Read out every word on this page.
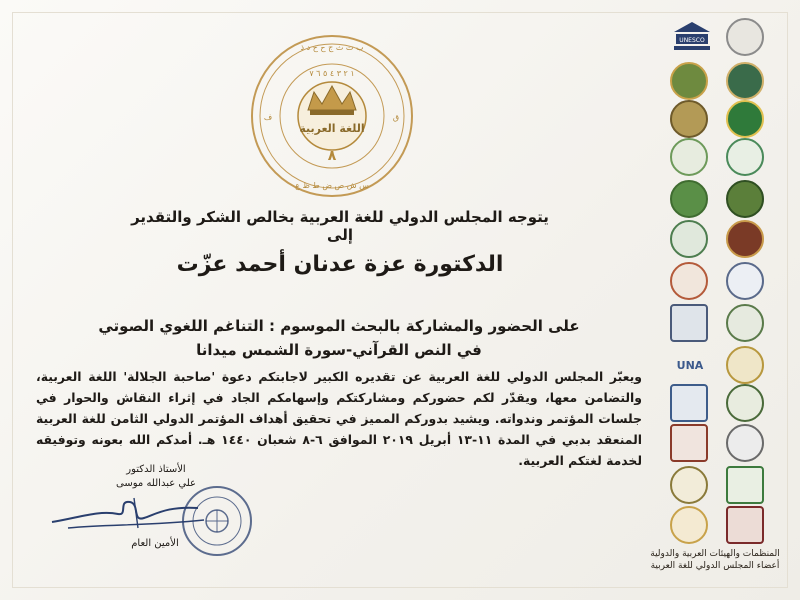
ب ت ث ج ح خ د ذ
س ش ص ض ط ظ ع
ف	ق
١ ٢ ٣ ٤ ٥ ٦ ٧
اللغة العربية
٨
يتوجه المجلس الدولي للغة العربية بخالص الشكر والتقدير إلى
الدكتورة عزة عدنان أحمد عزّت
على الحضور والمشاركة بالبحث الموسوم : التناغم اللغوي الصوتي في النص القرآني-سورة الشمس ميدانا
ويعبّر المجلس الدولي للغة العربية عن تقديره الكبير لاجابتكم دعوة 'صاحبة الجلالة' اللغة العربية، والتضامن معها، ويقدّر لكم حضوركم ومشاركتكم وإسهامكم الجاد في إثراء النقاش والحوار في جلسات المؤتمر وندواته. ويشيد بدوركم المميز في تحقيق أهداف المؤتمر الدولي الثامن للغة العربية المنعقد بدبي في المدة ١١-١٣ أبريل ٢٠١٩ الموافق ٦-٨ شعبان ١٤٤٠ هـ. أمدكم الله بعونه وتوفيقه لخدمة لغتكم العربية.
الأستاذ الدكتور
علي عبدالله موسى
الأمين العام
UNESCO
UNA
المنظمات والهيئات العربية والدولية أعضاء المجلس الدولي للغة العربية
